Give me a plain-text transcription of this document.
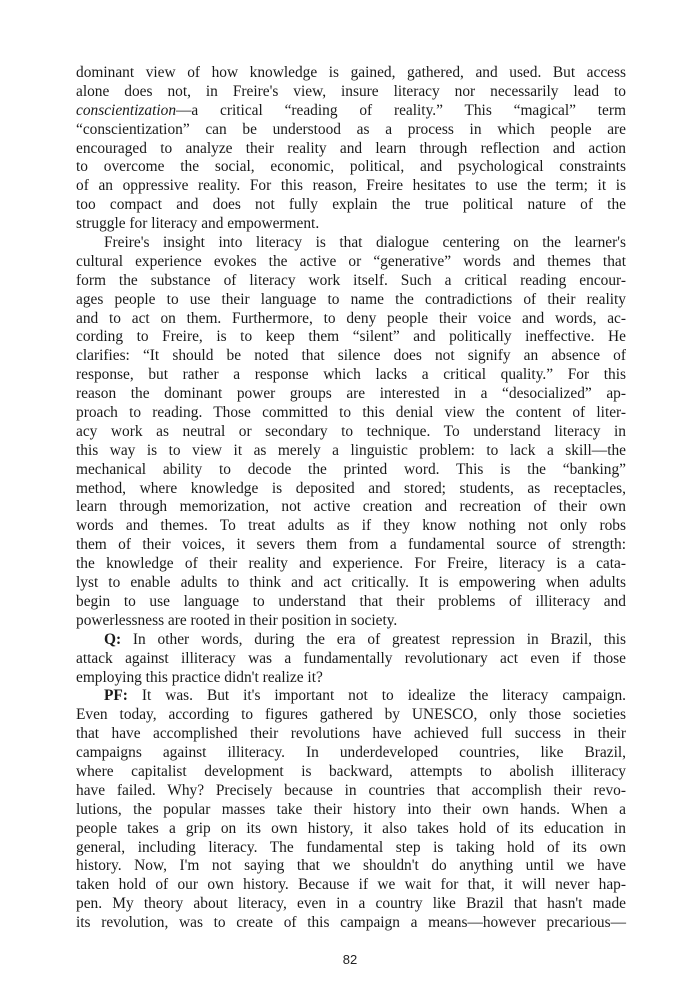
dominant view of how knowledge is gained, gathered, and used. But access
alone does not, in Freire's view, insure literacy nor necessarily lead to
conscientization—a critical “reading of reality.” This “magical” term
“conscientization” can be understood as a process in which people are
encouraged to analyze their reality and learn through reflection and action
to overcome the social, economic, political, and psychological constraints
of an oppressive reality. For this reason, Freire hesitates to use the term; it is
too compact and does not fully explain the true political nature of the
struggle for literacy and empowerment.
Freire's insight into literacy is that dialogue centering on the learner's
cultural experience evokes the active or “generative” words and themes that
form the substance of literacy work itself. Such a critical reading encour-
ages people to use their language to name the contradictions of their reality
and to act on them. Furthermore, to deny people their voice and words, ac-
cording to Freire, is to keep them “silent” and politically ineffective. He
clarifies: “It should be noted that silence does not signify an absence of
response, but rather a response which lacks a critical quality.” For this
reason the dominant power groups are interested in a “desocialized” ap-
proach to reading. Those committed to this denial view the content of liter-
acy work as neutral or secondary to technique. To understand literacy in
this way is to view it as merely a linguistic problem: to lack a skill—the
mechanical ability to decode the printed word. This is the “banking”
method, where knowledge is deposited and stored; students, as receptacles,
learn through memorization, not active creation and recreation of their own
words and themes. To treat adults as if they know nothing not only robs
them of their voices, it severs them from a fundamental source of strength:
the knowledge of their reality and experience. For Freire, literacy is a cata-
lyst to enable adults to think and act critically. It is empowering when adults
begin to use language to understand that their problems of illiteracy and
powerlessness are rooted in their position in society.
Q: In other words, during the era of greatest repression in Brazil, this
attack against illiteracy was a fundamentally revolutionary act even if those
employing this practice didn't realize it?
PF: It was. But it's important not to idealize the literacy campaign.
Even today, according to figures gathered by UNESCO, only those societies
that have accomplished their revolutions have achieved full success in their
campaigns against illiteracy. In underdeveloped countries, like Brazil,
where capitalist development is backward, attempts to abolish illiteracy
have failed. Why? Precisely because in countries that accomplish their revo-
lutions, the popular masses take their history into their own hands. When a
people takes a grip on its own history, it also takes hold of its education in
general, including literacy. The fundamental step is taking hold of its own
history. Now, I'm not saying that we shouldn't do anything until we have
taken hold of our own history. Because if we wait for that, it will never hap-
pen. My theory about literacy, even in a country like Brazil that hasn't made
its revolution, was to create of this campaign a means—however precarious—
82
